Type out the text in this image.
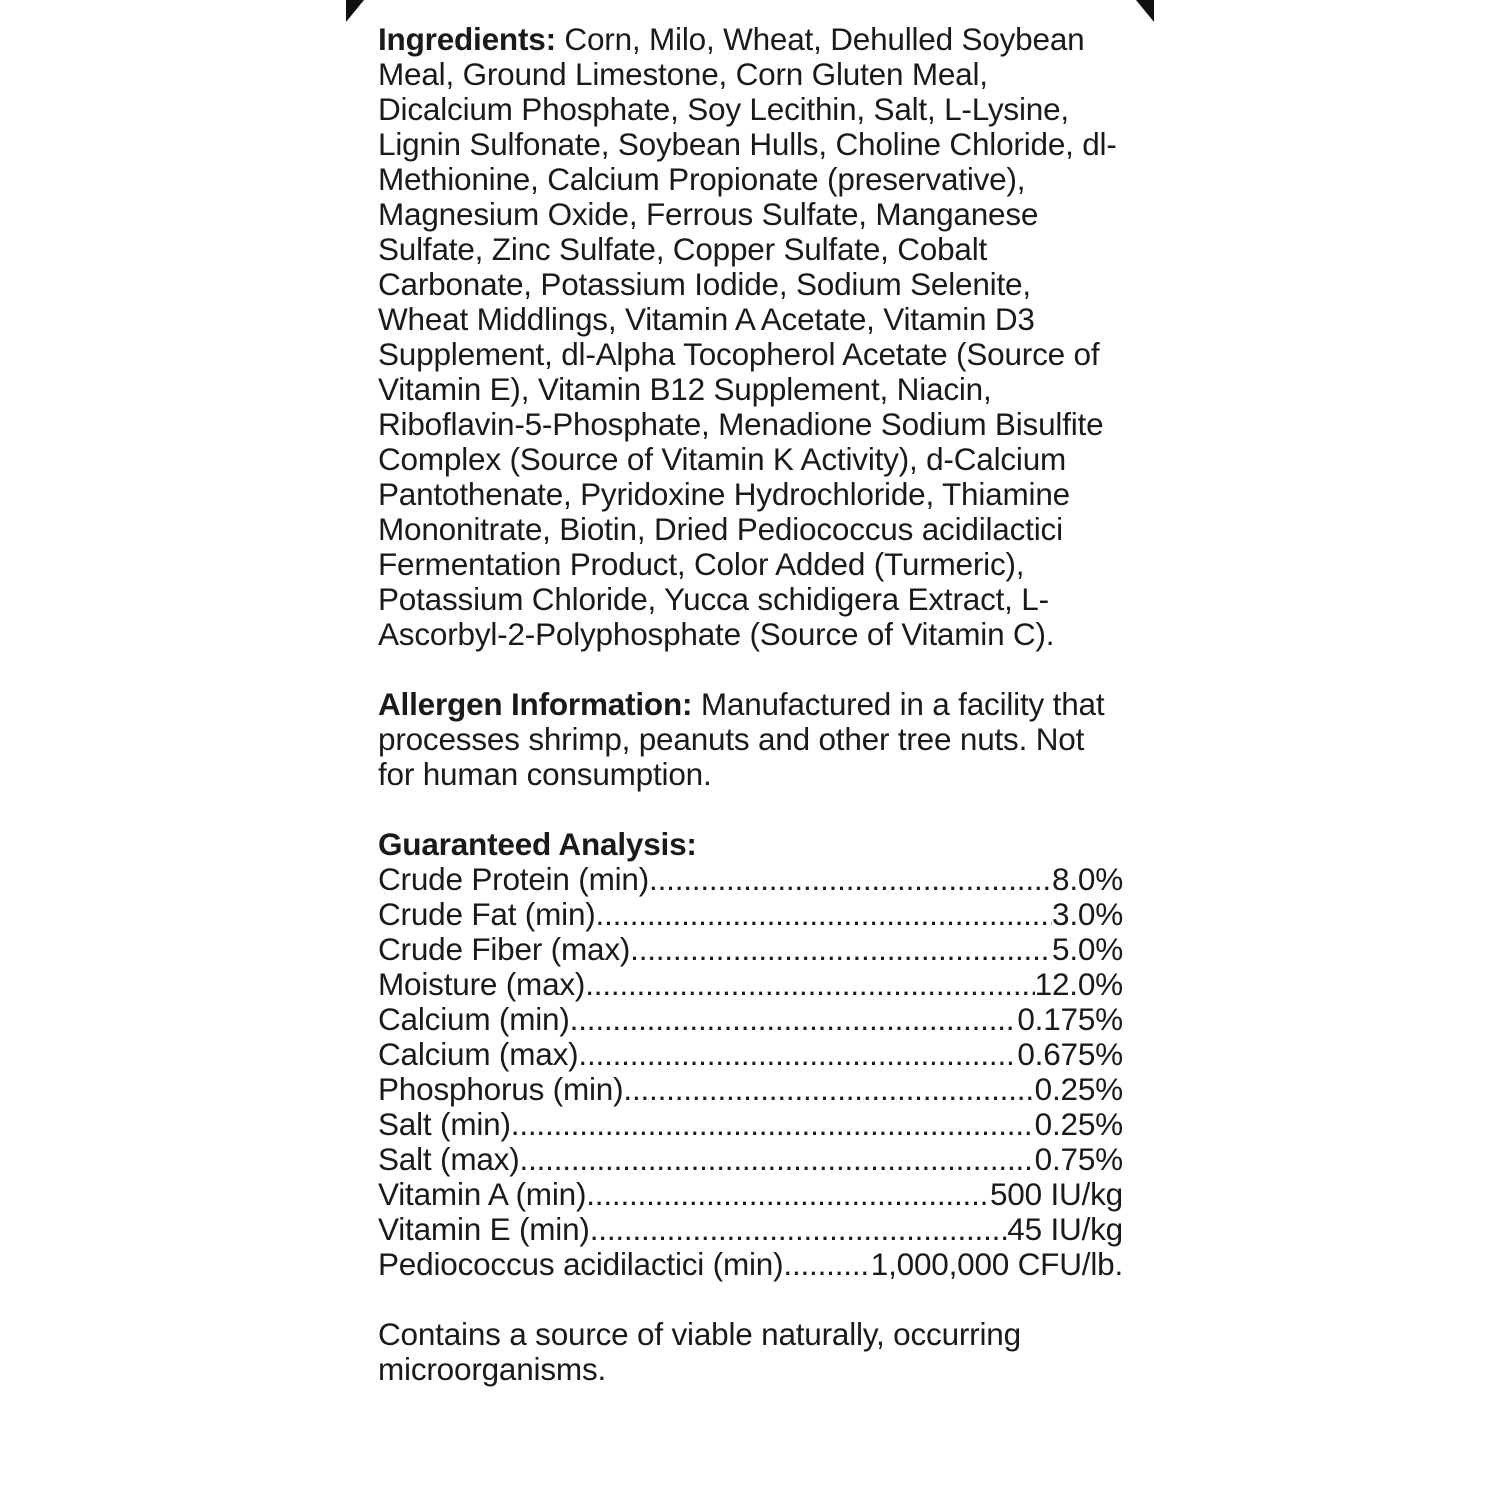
Ingredients: Corn, Milo, Wheat, Dehulled Soybean Meal, Ground Limestone, Corn Gluten Meal, Dicalcium Phosphate, Soy Lecithin, Salt, L-Lysine, Lignin Sulfonate, Soybean Hulls, Choline Chloride, dl-Methionine, Calcium Propionate (preservative), Magnesium Oxide, Ferrous Sulfate, Manganese Sulfate, Zinc Sulfate, Copper Sulfate, Cobalt Carbonate, Potassium Iodide, Sodium Selenite, Wheat Middlings, Vitamin A Acetate, Vitamin D3 Supplement, dl-Alpha Tocopherol Acetate (Source of Vitamin E), Vitamin B12 Supplement, Niacin, Riboflavin-5-Phosphate, Menadione Sodium Bisulfite Complex (Source of Vitamin K Activity), d-Calcium Pantothenate, Pyridoxine Hydrochloride, Thiamine Mononitrate, Biotin, Dried Pediococcus acidilactici Fermentation Product, Color Added (Turmeric), Potassium Chloride, Yucca schidigera Extract, L-Ascorbyl-2-Polyphosphate (Source of Vitamin C).

Allergen Information: Manufactured in a facility that processes shrimp, peanuts and other tree nuts. Not for human consumption.

Guaranteed Analysis:
Crude Protein (min) .....	8.0%
Crude Fat (min) .....	3.0%
Crude Fiber (max) .....	5.0%
Moisture (max) .....	12.0%
Calcium (min) .....	0.175%
Calcium (max) .....	0.675%
Phosphorus (min) .....	0.25%
Salt (min) .....	0.25%
Salt (max) .....	0.75%
Vitamin A (min) .....	500 IU/kg
Vitamin E (min) .....	45 IU/kg
Pediococcus acidilactici (min) .....	1,000,000 CFU/lb.

Contains a source of viable naturally, occurring microorganisms.
